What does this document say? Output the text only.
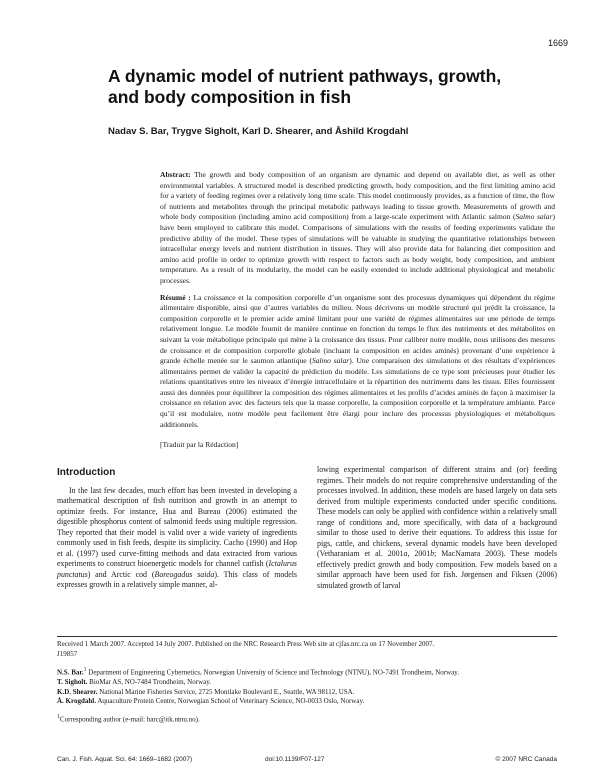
1669
A dynamic model of nutrient pathways, growth,
and body composition in fish
Nadav S. Bar, Trygve Sigholt, Karl D. Shearer, and Åshild Krogdahl

Abstract: The growth and body composition of an organism are dynamic and depend on available diet, as well as other environmental variables. A structured model is described predicting growth, body composition, and the first limiting amino acid for a variety of feeding regimes over a relatively long time scale. This model continuously provides, as a function of time, the flow of nutrients and metabolites through the principal metabolic pathways leading to tissue growth. Measurements of growth and whole body composition (including amino acid composition) from a large-scale experiment with Atlantic salmon (Salmo salar) have been employed to calibrate this model. Comparisons of simulations with the results of feeding experiments validate the predictive ability of the model. These types of simulations will be valuable in studying the quantitative relationships between intracellular energy levels and nutrient distribution in tissues. They will also provide data for balancing diet composition and amino acid profile in order to optimize growth with respect to factors such as body weight, body composition, and ambient temperature. As a result of its modularity, the model can be easily extended to include additional physiological and metabolic processes.

Résumé : La croissance et la composition corporelle d’un organisme sont des processus dynamiques qui dépendent du régime alimentaire disponible, ainsi que d’autres variables du milieu. Nous décrivons un modèle structuré qui prédit la croissance, la composition corporelle et le premier acide aminé limitant pour une variété de régimes alimentaires sur une période de temps relativement longue. Le modèle fournit de manière continue en fonction du temps le flux des nutriments et des métabolites en suivant la voie métabolique principale qui mène à la croissance des tissus. Pour calibrer notre modèle, nous utilisons des mesures de croissance et de composition corporelle globale (incluant la composition en acides aminés) provenant d’une expérience à grande échelle menée sur le saumon atlantique (Salmo salar). Une comparaison des simulations et des résultats d’expériences alimentaires permet de valider la capacité de prédiction du modèle. Les simulations de ce type sont précieuses pour étudier les relations quantitatives entre les niveaux d’énergie intracellulaire et la répartition des nutriments dans les tissus. Elles fournissent aussi des données pour équilibrer la composition des régimes alimentaires et les profils d’acides aminés de façon à maximiser la croissance en relation avec des facteurs tels que la masse corporelle, la composition corporelle et la température ambiante. Parce qu’il est modulaire, notre modèle peut facilement être élargi pour inclure des processus physiologiques et métaboliques additionnels.

[Traduit par la Rédaction]

Introduction

In the last few decades, much effort has been invested in developing a mathematical description of fish nutrition and growth in an attempt to optimize feeds. For instance, Hua and Bureau (2006) estimated the digestible phosphorus content of salmonid feeds using multiple regression. They reported that their model is valid over a wide variety of ingredients commonly used in fish feeds, despite its simplicity. Cacho (1990) and Hop et al. (1997) used curve-fitting methods and data extracted from various experiments to construct bioenergetic models for channel catfish (Ictalurus punctatus) and Arctic cod (Boreogadus saida). This class of models expresses growth in a relatively simple manner, al-

lowing experimental comparison of different strains and (or) feeding regimes. Their models do not require comprehensive understanding of the processes involved. In addition, these models are based largely on data sets derived from multiple experiments conducted under specific conditions. These models can only be applied with confidence within a relatively small range of conditions and, more specifically, with data of a background similar to those used to derive their equations. To address this issue for pigs, cattle, and chickens, several dynamic models have been developed (Vetharaniam et al. 2001a, 2001b; MacNamara 2003). These models effectively predict growth and body composition. Few models based on a similar approach have been used for fish. Jørgensen and Fiksen (2006) simulated growth of larval

Received 1 March 2007. Accepted 14 July 2007. Published on the NRC Research Press Web site at cjfas.nrc.ca on 17 November 2007.
J19857
N.S. Bar.$^1$ Department of Engineering Cybernetics, Norwegian University of Science and Technology (NTNU), NO-7491 Trondheim, Norway.
T. Sigholt. BioMar AS, NO-7484 Trondheim, Norway.
K.D. Shearer. National Marine Fisheries Service, 2725 Montlake Boulevard E., Seattle, WA 98112, USA.
Å. Krogdahl. Aquaculture Protein Centre, Norwegian School of Veterinary Science, NO-0033 Oslo, Norway.
$^1$Corresponding author (e-mail: barc@itk.ntnu.no).
Can. J. Fish. Aquat. Sci. 64: 1669–1682 (2007)	doi:10.1139/F07-127	© 2007 NRC Canada
